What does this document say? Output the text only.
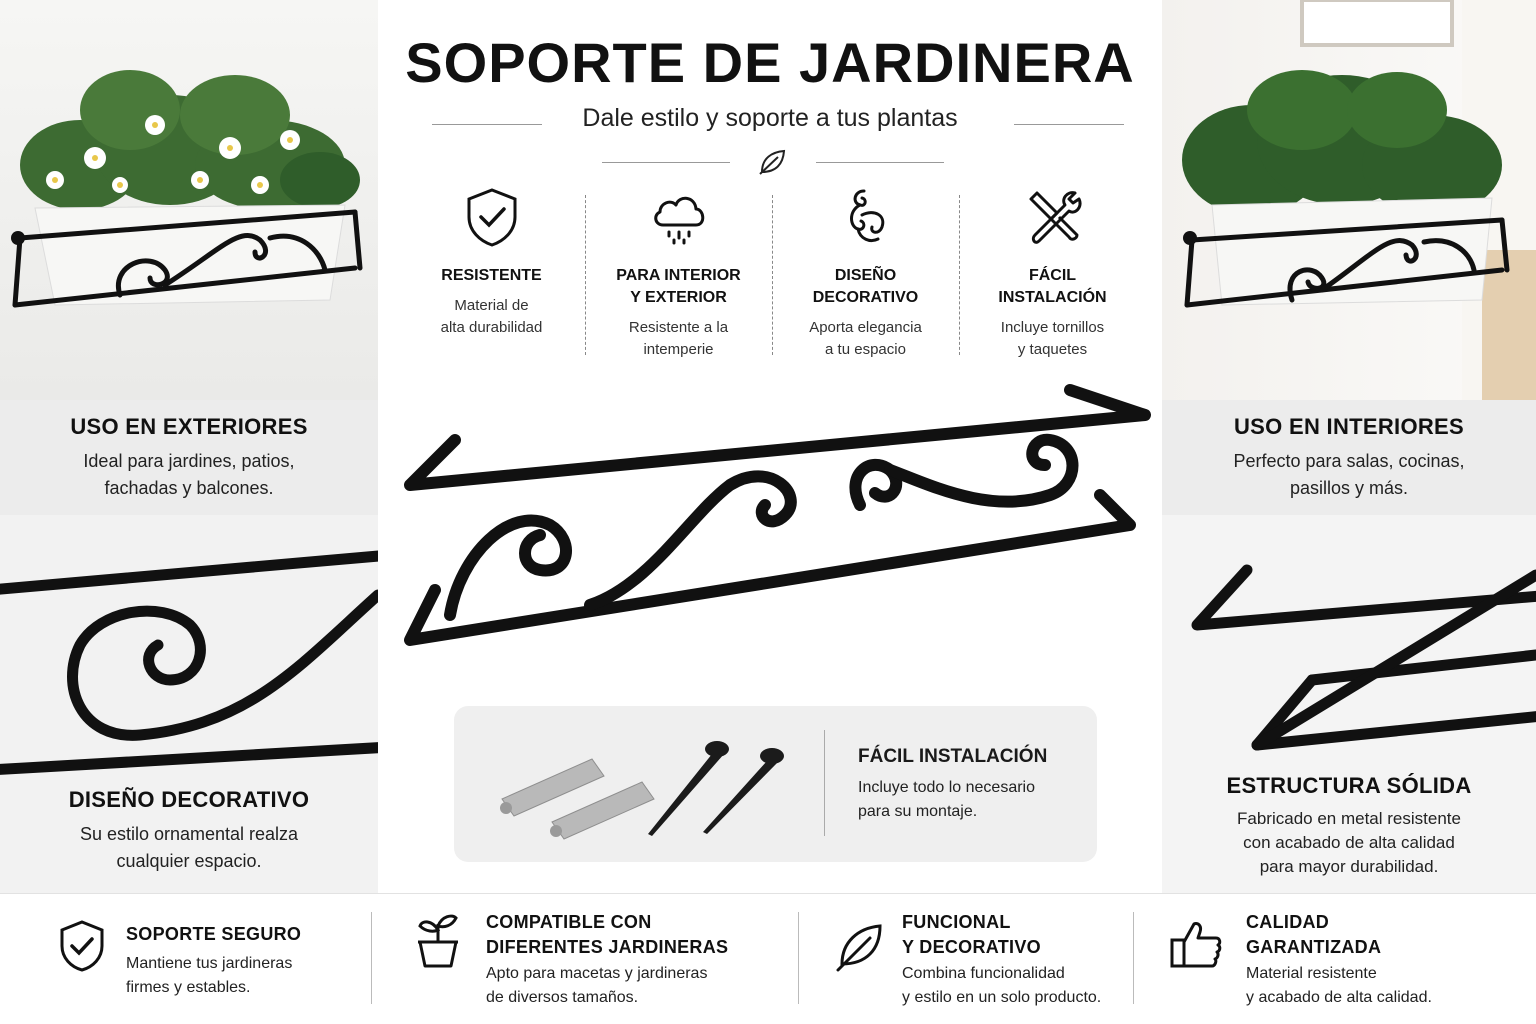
SOPORTE DE JARDINERA
Dale estilo y soporte a tus plantas
RESISTENTE
Material de
alta durabilidad
PARA INTERIOR
Y EXTERIOR
Resistente a la
intemperie
DISEÑO
DECORATIVO
Aporta elegancia
a tu espacio
FÁCIL
INSTALACIÓN
Incluye tornillos
y taquetes
USO EN EXTERIORES
Ideal para jardines, patios,
fachadas y balcones.
USO EN INTERIORES
Perfecto para salas, cocinas,
pasillos y más.
DISEÑO DECORATIVO
Su estilo ornamental realza
cualquier espacio.
ESTRUCTURA SÓLIDA
Fabricado en metal resistente
con acabado de alta calidad
para mayor durabilidad.
FÁCIL INSTALACIÓN
Incluye todo lo necesario
para su montaje.
SOPORTE SEGURO
Mantiene tus jardineras
firmes y estables.
COMPATIBLE CON
DIFERENTES JARDINERAS
Apto para macetas y jardineras
de diversos tamaños.
FUNCIONAL
Y DECORATIVO
Combina funcionalidad
y estilo en un solo producto.
CALIDAD
GARANTIZADA
Material resistente
y acabado de alta calidad.
